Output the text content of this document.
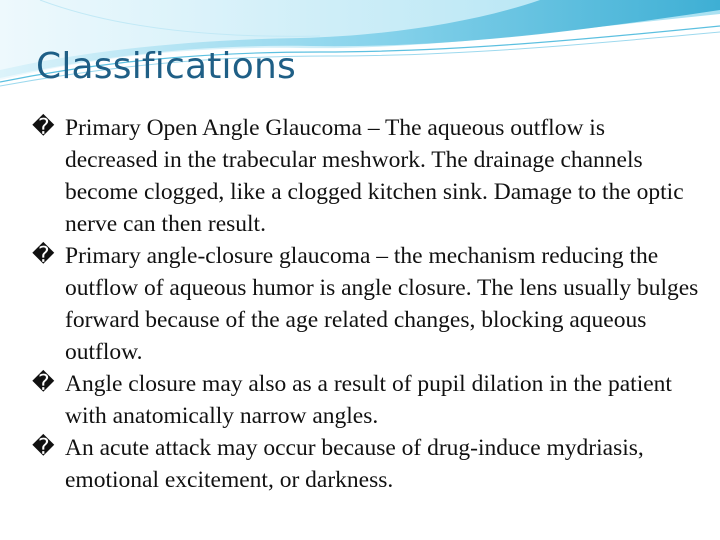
Classifications
� Primary Open Angle Glaucoma – The aqueous outflow is decreased in the trabecular meshwork. The drainage channels become clogged, like a clogged kitchen sink. Damage to the optic nerve can then result.
� Primary angle-closure glaucoma – the mechanism reducing the outflow of aqueous humor is angle closure. The lens usually bulges forward because of the age related changes, blocking aqueous outflow.
� Angle closure may also as a result of pupil dilation in the patient with anatomically narrow angles.
� An acute attack may occur because of drug-induce mydriasis, emotional excitement, or darkness.
